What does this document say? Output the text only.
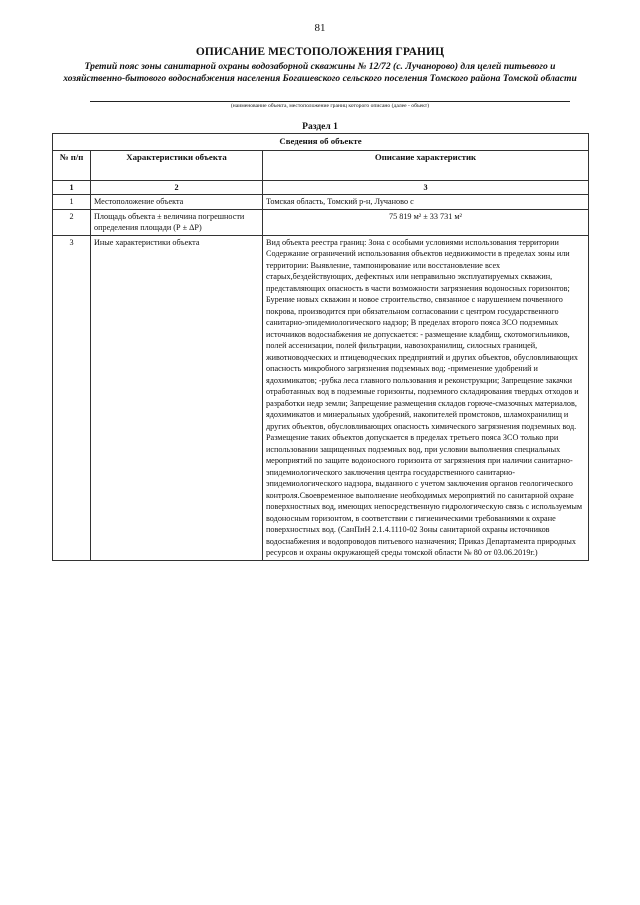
81
ОПИСАНИЕ МЕСТОПОЛОЖЕНИЯ ГРАНИЦ
Третий пояс зоны санитарной охраны водозаборной скважины № 12/72 (с. Лучанорово) для целей питьевого и хозяйственно-бытового водоснабжения населения Богашевского сельского поселения Томского района Томской области
(наименование объекта, местоположение границ которого описано (далее - объект)
Раздел 1
Сведения об объекте		
№ п/п	Характеристики объекта	Описание характеристик
1	2	3
1	Местоположение объекта	Томская область, Томский р-н, Лучаново с
2	Площадь объекта ± величина погрешности определения площади (Р ± ΔР)	75 819 м² ± 33 731 м²
3	Иные характеристики объекта	Вид объекта реестра границ: Зона с особыми условиями использования территории Содержание ограничений использования объектов недвижимости в пределах зоны или территории: Выявление, тампонирование или восстановление всех старых,бездействующих, дефектных или неправильно эксплуатируемых скважин, представляющих опасность в части возможности загрязнения водоносных горизонтов; Бурение новых скважин и новое строительство, связанное с нарушением почвенного покрова, производится при обязательном согласовании с центром государственного санитарно-эпидемиологического надзор; В пределах второго пояса ЗСО подземных источников водоснабжения не допускается: - размещение кладбищ, скотомогильников, полей ассенизации, полей фильтрации, навозохранилищ, силосных границей, животноводческих и птицеводческих предприятий и других объектов, обусловливающих опасность микробного загрязнения подземных вод; -применение удобрений и ядохимикатов; -рубка леса главного пользования и реконструкции; Запрещение закачки отработанных вод в подземные горизонты, подземного складирования твердых отходов и разработки недр земли; Запрещение размещения складов горюче-смазочных материалов, ядохимикатов и минеральных удобрений, накопителей промстоков, шламохранилищ и других объектов, обусловливающих опасность химического загрязнения подземных вод. Размещение таких объектов допускается в пределах третьего пояса ЗСО только при использовании защищенных подземных вод, при условии выполнения специальных мероприятий по защите водоносного горизонта от загрязнения при наличии санитарно-эпидемиологического заключения центра государственного санитарно-эпидемиологического надзора, выданного с учетом заключения органов геологического контроля.Своевременное выполнение необходимых мероприятий по санитарной охране поверхностных вод, имеющих непосредственную гидрологическую связь с используемым водоносным горизонтом, в соответствии с гигиеническими требованиями к охране поверхностных вод. (СанПиН 2.1.4.1110-02 Зоны санитарной охраны источников водоснабжения и водопроводов питьевого назначения; Приказ Департамента природных ресурсов и охраны окружающей среды томской области № 80 от 03.06.2019г.)
